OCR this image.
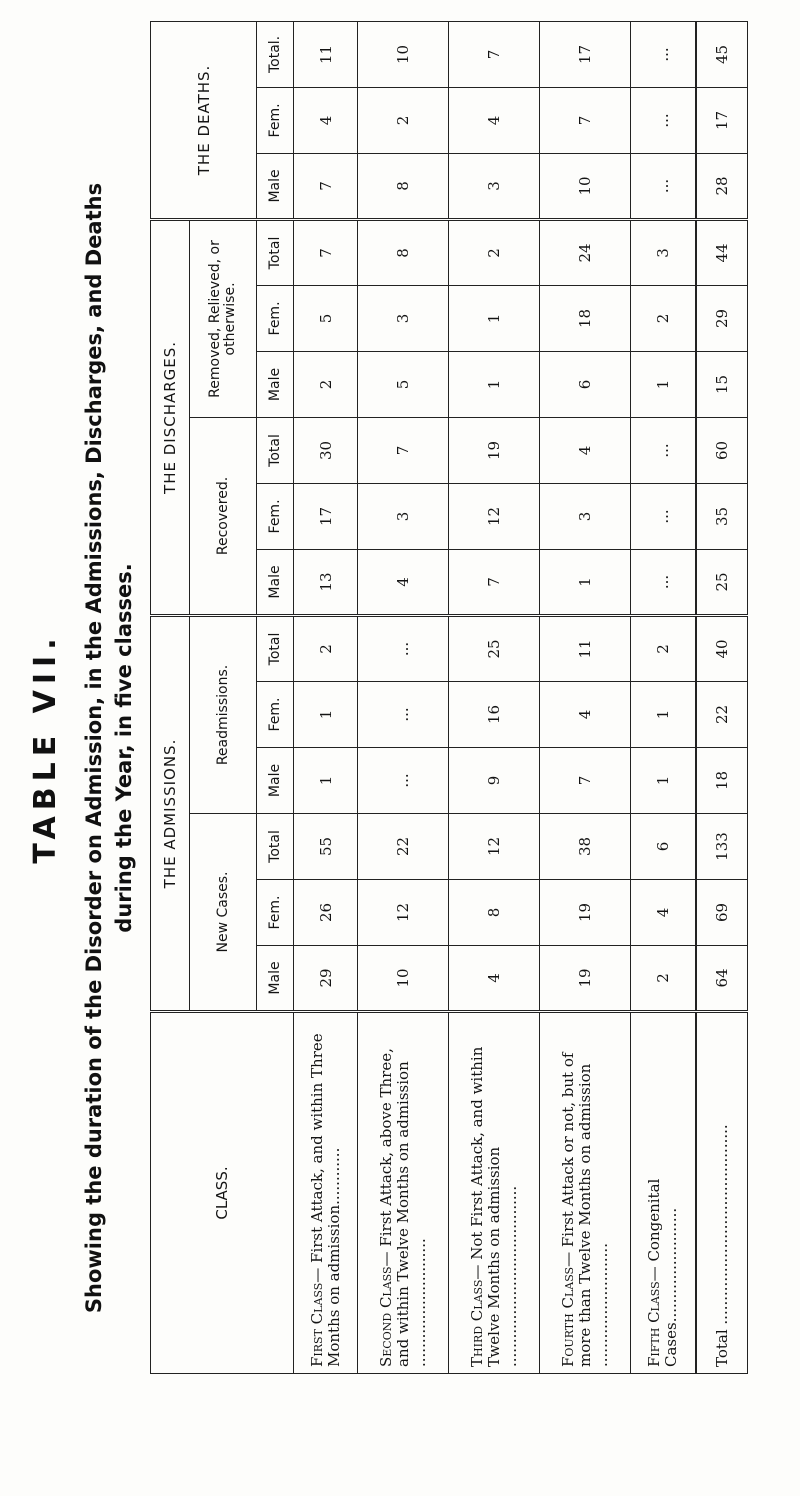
TABLE VII. Showing the duration of the Disorder on Admission, in the Admissions, Discharges, and Deaths during the Year, in five classes.
CLASS.	THE ADMISSIONS.						THE DISCHARGES.						THE DEATHS.		
	New Cases.			Readmissions.			Recovered.			Removed, Relieved, or otherwise.					
	Male	Fem.	Total	Male	Fem.	Total	Male	Fem.	Total	Male	Fem.	Total	Male	Fem.	Total.
First Class— First Attack, and within Three Months on admission............	29	26	55	1	1	2	13	17	30	2	5	7	7	4	11
Second Class— First Attack, above Three, and within Twelve Months on admission ...........................	10	12	22	...	...	...	4	3	7	5	3	8	8	2	10
Third Class— Not First Attack, and within Twelve Months on admission ......................................	4	8	12	9	16	25	7	12	19	1	1	2	3	4	7
Fourth Class— First Attack or not, but of more than Twelve Months on admission ..........................	19	19	38	7	4	11	1	3	4	6	18	24	10	7	17
Fifth Class— Congenital Cases........................	2	4	6	1	1	2	...	...	...	1	2	3	...	...	...
Total ..........................................	64	69	133	18	22	40	25	35	60	15	29	44	28	17	45
